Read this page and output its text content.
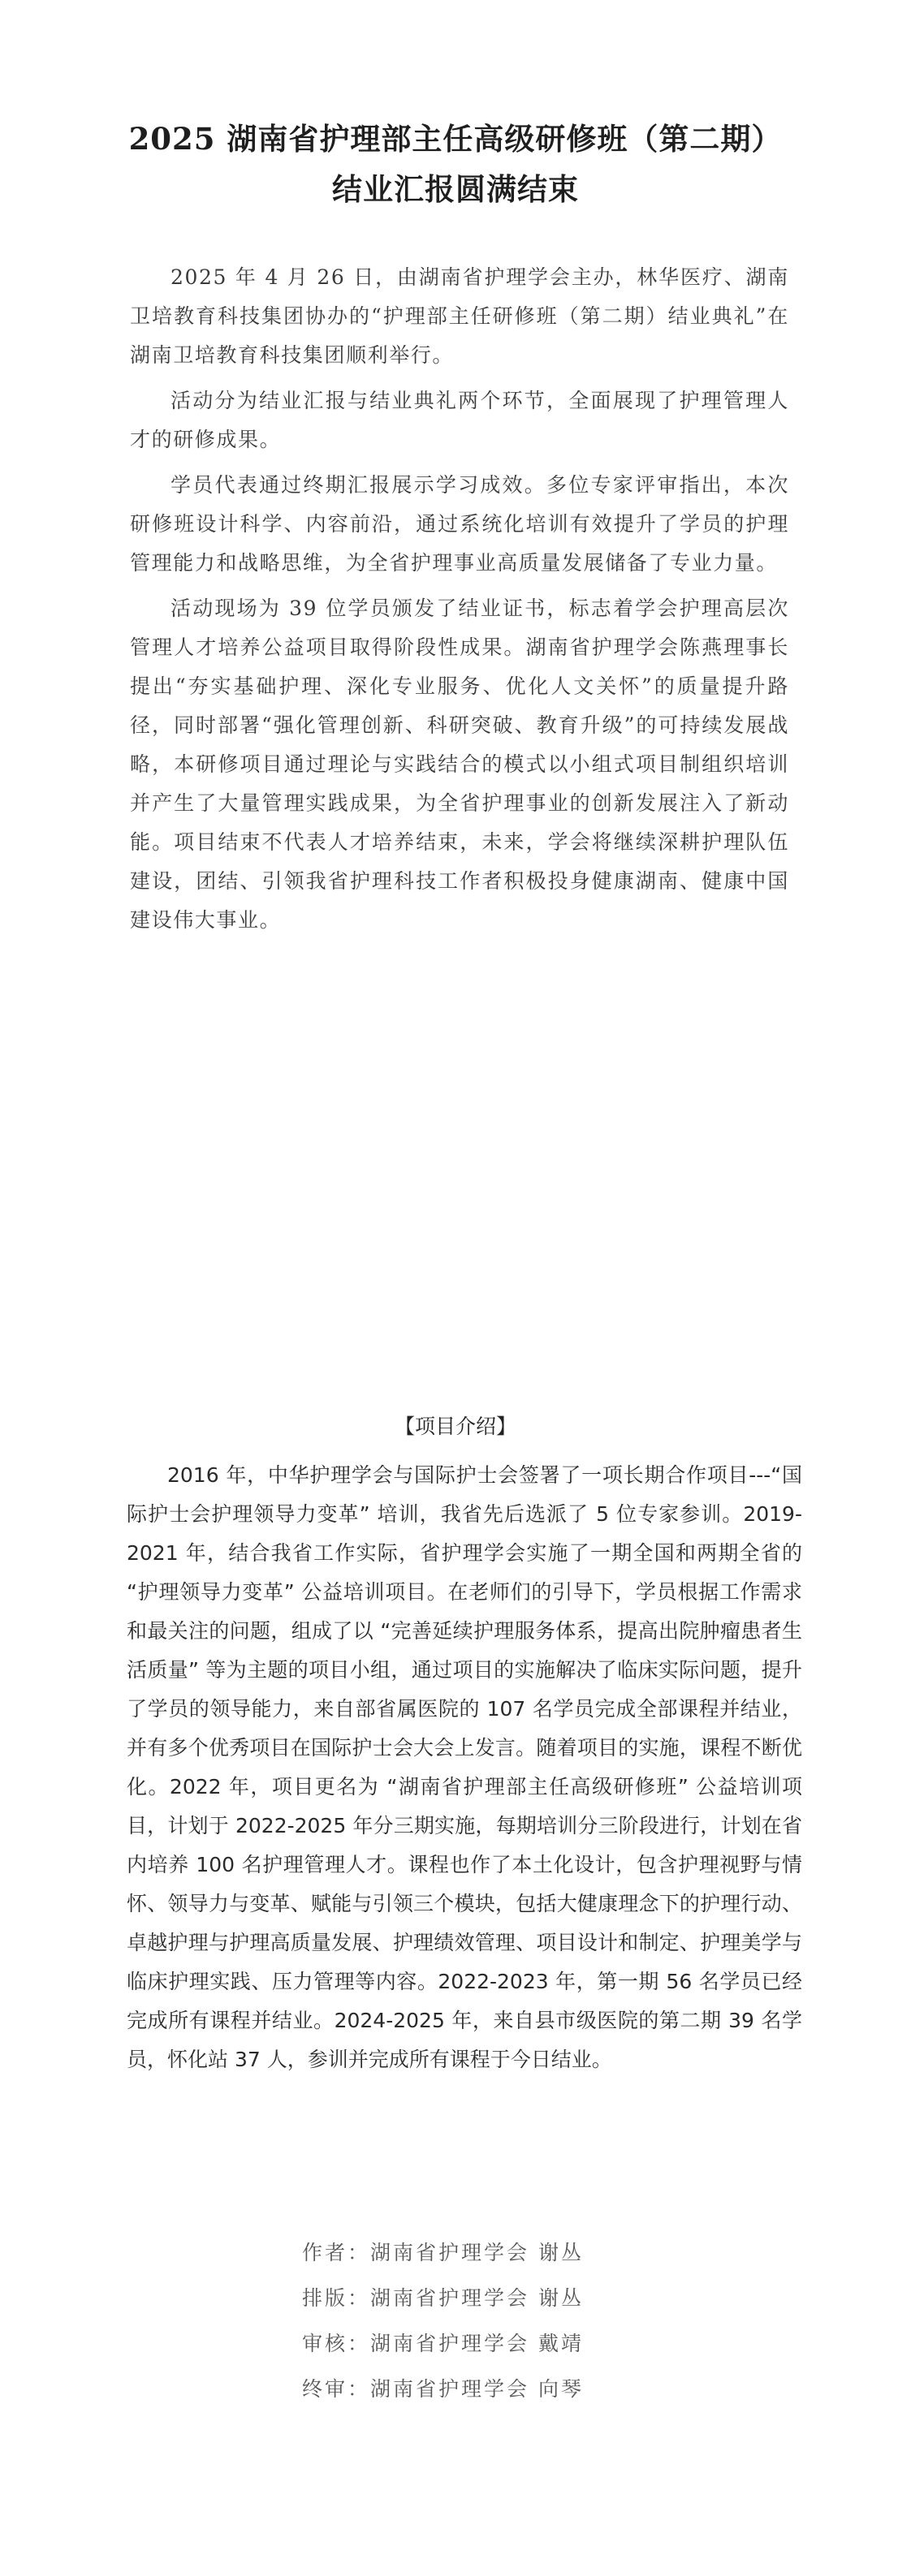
2025 湖南省护理部主任高级研修班（第二期）
结业汇报圆满结束

2025 年 4 月 26 日，由湖南省护理学会主办，林华医疗、湖南卫培教育科技集团协办的“护理部主任研修班（第二期）结业典礼”在湖南卫培教育科技集团顺利举行。

活动分为结业汇报与结业典礼两个环节，全面展现了护理管理人才的研修成果。

学员代表通过终期汇报展示学习成效。多位专家评审指出，本次研修班设计科学、内容前沿，通过系统化培训有效提升了学员的护理管理能力和战略思维，为全省护理事业高质量发展储备了专业力量。

活动现场为 39 位学员颁发了结业证书，标志着学会护理高层次管理人才培养公益项目取得阶段性成果。湖南省护理学会陈燕理事长提出“夯实基础护理、深化专业服务、优化人文关怀”的质量提升路径，同时部署“强化管理创新、科研突破、教育升级”的可持续发展战略，本研修项目通过理论与实践结合的模式以小组式项目制组织培训并产生了大量管理实践成果，为全省护理事业的创新发展注入了新动能。项目结束不代表人才培养结束，未来，学会将继续深耕护理队伍建设，团结、引领我省护理科技工作者积极投身健康湖南、健康中国建设伟大事业。

【项目介绍】

2016 年，中华护理学会与国际护士会签署了一项长期合作项目---“国际护士会护理领导力变革” 培训，我省先后选派了 5 位专家参训。2019-2021 年，结合我省工作实际，省护理学会实施了一期全国和两期全省的 “护理领导力变革” 公益培训项目。在老师们的引导下，学员根据工作需求和最关注的问题，组成了以 “完善延续护理服务体系，提高出院肿瘤患者生活质量” 等为主题的项目小组，通过项目的实施解决了临床实际问题，提升了学员的领导能力，来自部省属医院的 107 名学员完成全部课程并结业，并有多个优秀项目在国际护士会大会上发言。随着项目的实施，课程不断优化。2022 年，项目更名为 “湖南省护理部主任高级研修班” 公益培训项目，计划于 2022-2025 年分三期实施，每期培训分三阶段进行，计划在省内培养 100 名护理管理人才。课程也作了本土化设计，包含护理视野与情怀、领导力与变革、赋能与引领三个模块，包括大健康理念下的护理行动、卓越护理与护理高质量发展、护理绩效管理、项目设计和制定、护理美学与临床护理实践、压力管理等内容。2022-2023 年，第一期 56 名学员已经完成所有课程并结业。2024-2025 年，来自县市级医院的第二期 39 名学员，怀化站 37 人，参训并完成所有课程于今日结业。

作者：湖南省护理学会 谢丛
排版：湖南省护理学会 谢丛
审核：湖南省护理学会 戴靖
终审：湖南省护理学会 向琴
